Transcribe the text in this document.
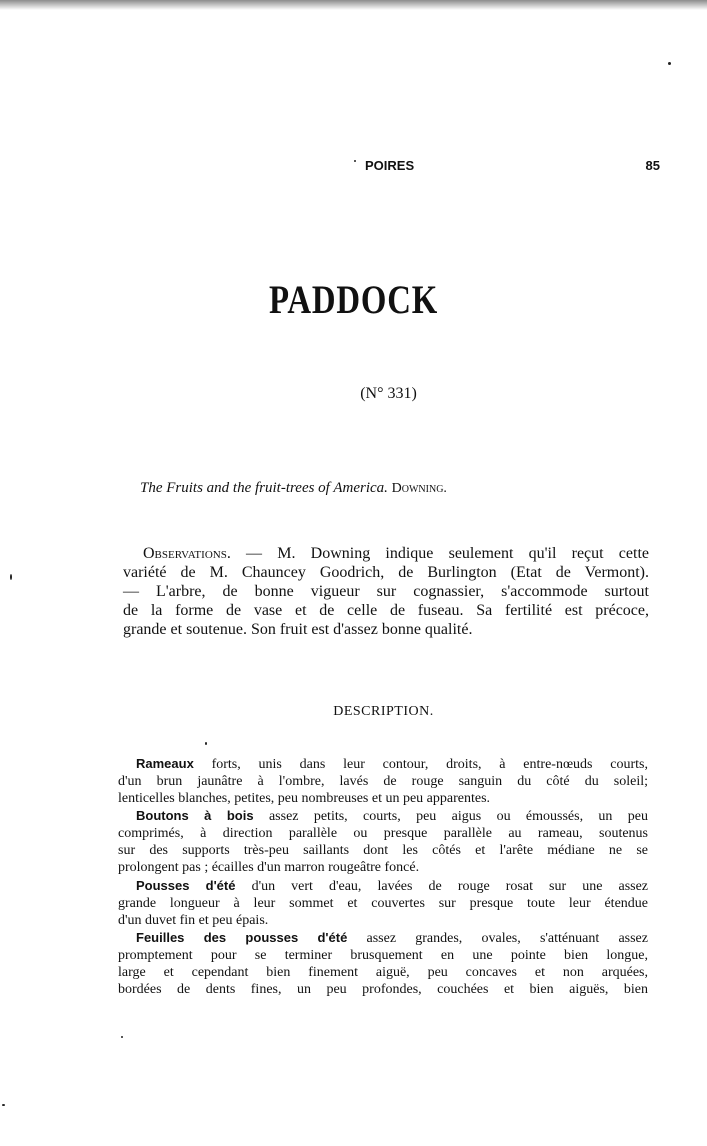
POIRES	85
PADDOCK
(N° 331)
The Fruits and the fruit-trees of America. Downing.
Observations. — M. Downing indique seulement qu'il reçut cette
variété de M. Chauncey Goodrich, de Burlington (Etat de Vermont).
— L'arbre, de bonne vigueur sur cognassier, s'accommode surtout
de la forme de vase et de celle de fuseau. Sa fertilité est précoce,
grande et soutenue. Son fruit est d'assez bonne qualité.
DESCRIPTION.
Rameaux forts, unis dans leur contour, droits, à entre-nœuds courts,
d'un brun jaunâtre à l'ombre, lavés de rouge sanguin du côté du soleil;
lenticelles blanches, petites, peu nombreuses et un peu apparentes.
Boutons à bois assez petits, courts, peu aigus ou émoussés, un peu
comprimés, à direction parallèle ou presque parallèle au rameau, soutenus
sur des supports très-peu saillants dont les côtés et l'arête médiane ne se
prolongent pas ; écailles d'un marron rougeâtre foncé.
Pousses d'été d'un vert d'eau, lavées de rouge rosat sur une assez
grande longueur à leur sommet et couvertes sur presque toute leur étendue
d'un duvet fin et peu épais.
Feuilles des pousses d'été assez grandes, ovales, s'atténuant assez
promptement pour se terminer brusquement en une pointe bien longue,
large et cependant bien finement aiguë, peu concaves et non arquées,
bordées de dents fines, un peu profondes, couchées et bien aiguës, bien
